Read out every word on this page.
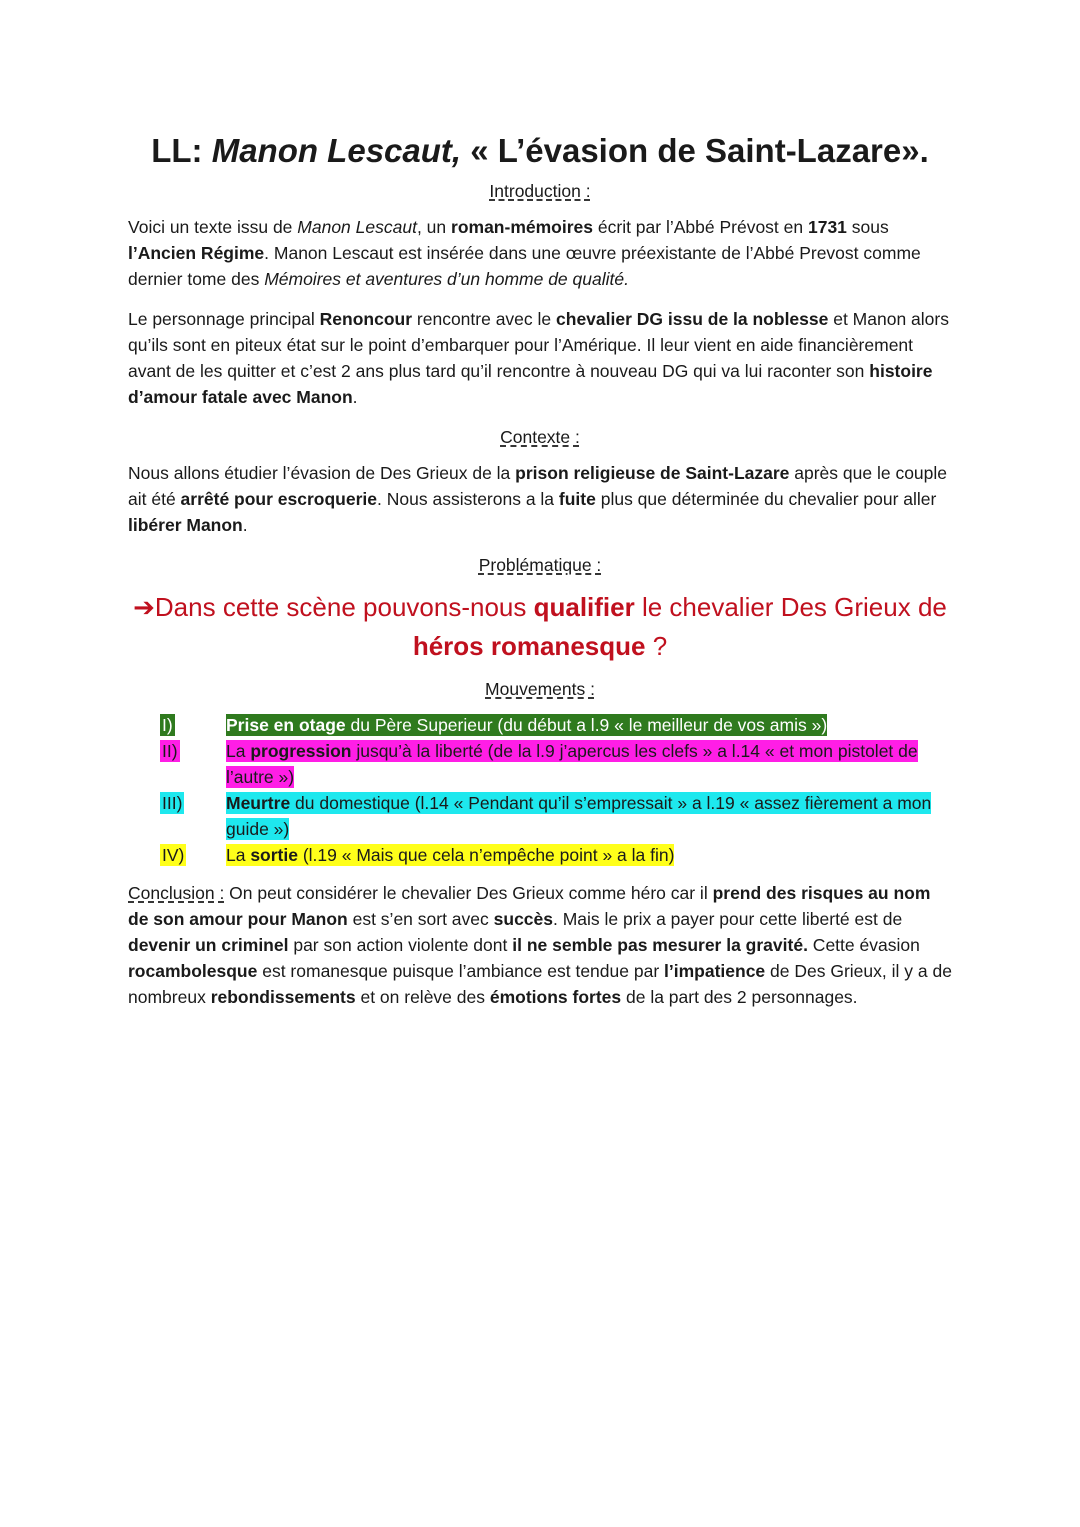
LL: Manon Lescaut, « L’évasion de Saint-Lazare».
Introduction :

Voici un texte issu de Manon Lescaut, un roman-mémoires écrit par l’Abbé Prévost en 1731 sous l’Ancien Régime. Manon Lescaut est insérée dans une œuvre préexistante de l’Abbé Prevost comme dernier tome des Mémoires et aventures d’un homme de qualité.

Le personnage principal Renoncour rencontre avec le chevalier DG issu de la noblesse et Manon alors qu’ils sont en piteux état sur le point d’embarquer pour l’Amérique. Il leur vient en aide financièrement avant de les quitter et c’est 2 ans plus tard qu’il rencontre à nouveau DG qui va lui raconter son histoire d’amour fatale avec Manon.

Contexte :

Nous allons étudier l’évasion de Des Grieux de la prison religieuse de Saint-Lazare après que le couple ait été arrêté pour escroquerie. Nous assisterons a la fuite plus que déterminée du chevalier pour aller libérer Manon.

Problématique :
➔Dans cette scène pouvons-nous qualifier le chevalier Des Grieux de héros romanesque ?
Mouvements :
I)	Prise en otage du Père Superieur (du début a l.9 « le meilleur de vos amis »)
II)	La progression jusqu’à la liberté (de la l.9 j’apercus les clefs » a l.14 « et mon pistolet de l’autre »)
III)	Meurtre du domestique (l.14 « Pendant qu’il s’empressait » a l.19 « assez fièrement a mon guide »)
IV)	La sortie (l.19 « Mais que cela n’empêche point » a la fin)

Conclusion : On peut considérer le chevalier Des Grieux comme héro car il prend des risques au nom de son amour pour Manon est s’en sort avec succès. Mais le prix a payer pour cette liberté est de devenir un criminel par son action violente dont il ne semble pas mesurer la gravité. Cette évasion rocambolesque est romanesque puisque l’ambiance est tendue par l’impatience de Des Grieux, il y a de nombreux rebondissements et on relève des émotions fortes de la part des 2 personnages.
